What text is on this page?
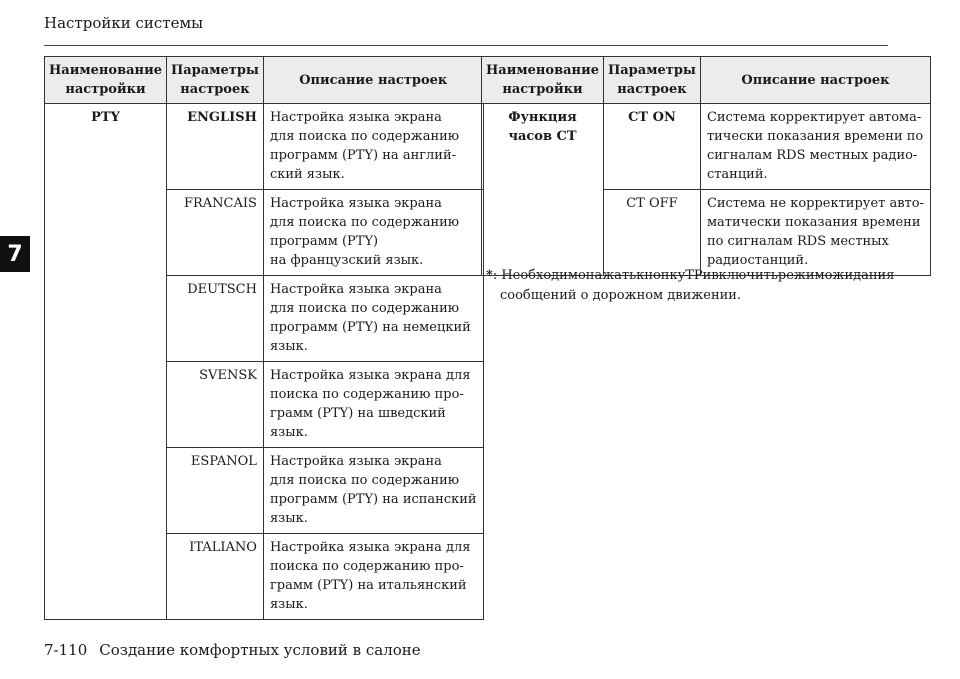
Настройки системы
7
Наименование
настройки	Параметры
настроек	Описание настроек
PTY	ENGLISH	Настройка языка экрана
для поиска по содержанию
программ (PTY) на англий-
ский язык.

	FRANCAIS	Настройка языка экрана
для поиска по содержанию
программ (PTY)
на французский язык.

	DEUTSCH	Настройка языка экрана
для поиска по содержанию
программ (PTY) на немецкий
язык.

	SVENSK	Настройка языка экрана для
поиска по содержанию про-
грамм (PTY) на шведский
язык.

	ESPANOL	Настройка языка экрана
для поиска по содержанию
программ (PTY) на испанский
язык.

	ITALIANO	Настройка языка экрана для
поиска по содержанию про-
грамм (PTY) на итальянский
язык.
Наименование
настройки	Параметры
настроек	Описание настроек

Функция
часов CT	CT ON	Система корректирует автома-
тически показания времени по
сигналам RDS местных радио-
станций.

	CT OFF	Система не корректирует авто-
матически показания времени
по сигналам RDS местных
радиостанций.
*: Необходимо нажать кнопку TP и включить режим ожидания
сообщений о дорожном движении.
7-110 Создание комфортных условий в салоне
